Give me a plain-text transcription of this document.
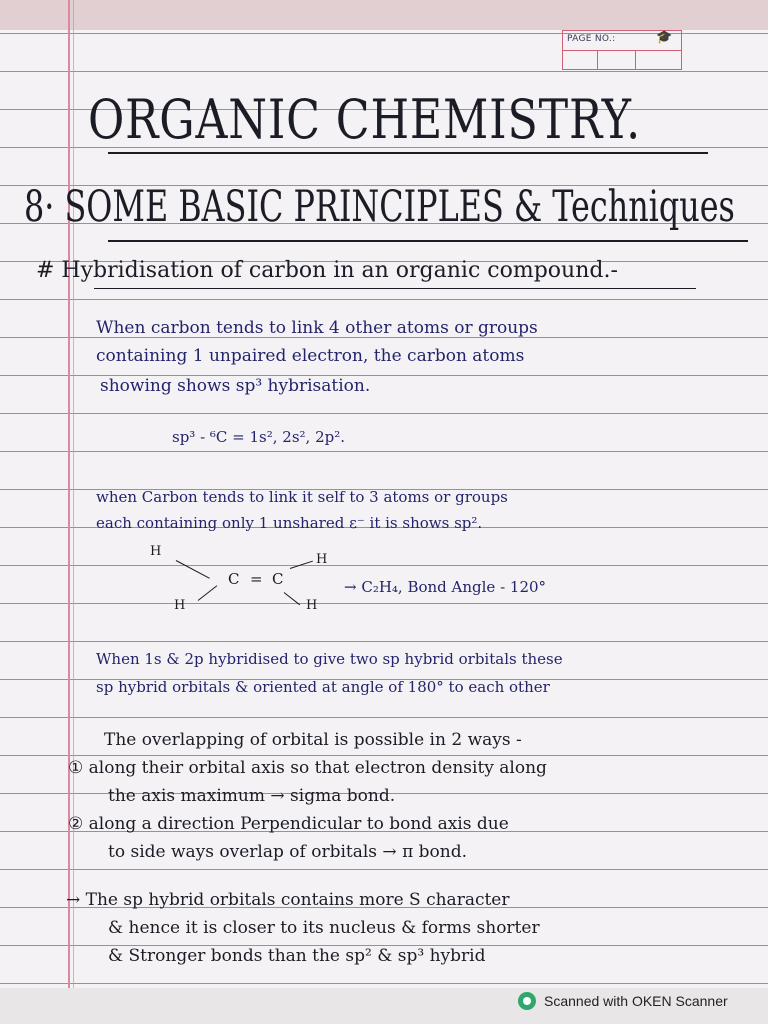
PAGE NO.:	🎓
ORGANIC CHEMISTRY.
8· SOME BASIC PRINCIPLES & Techniques
# Hybridisation of carbon in an organic compound.-
When carbon tends to link 4 other atoms or groups
containing 1 unpaired electron, the carbon atoms
showing shows sp³ hybrisation.
sp³ - ⁶C = 1s², 2s², 2p².
when Carbon tends to link it self to 3 atoms or groups
each containing only 1 unshared ε⁻ it is shows sp².
H
H
H	H
C = C	→ C₂H₄, Bond Angle - 120°
When 1s & 2p hybridised to give two sp hybrid orbitals these
sp hybrid orbitals & oriented at angle of 180° to each other
The overlapping of orbital is possible in 2 ways -
① along their orbital axis so that electron density along
the axis maximum → sigma bond.
② along a direction Perpendicular to bond axis due
to side ways overlap of orbitals → π bond.
→ The sp hybrid orbitals contains more S character
& hence it is closer to its nucleus & forms shorter
& Stronger bonds than the sp² & sp³ hybrid
Scanned with OKEN Scanner
